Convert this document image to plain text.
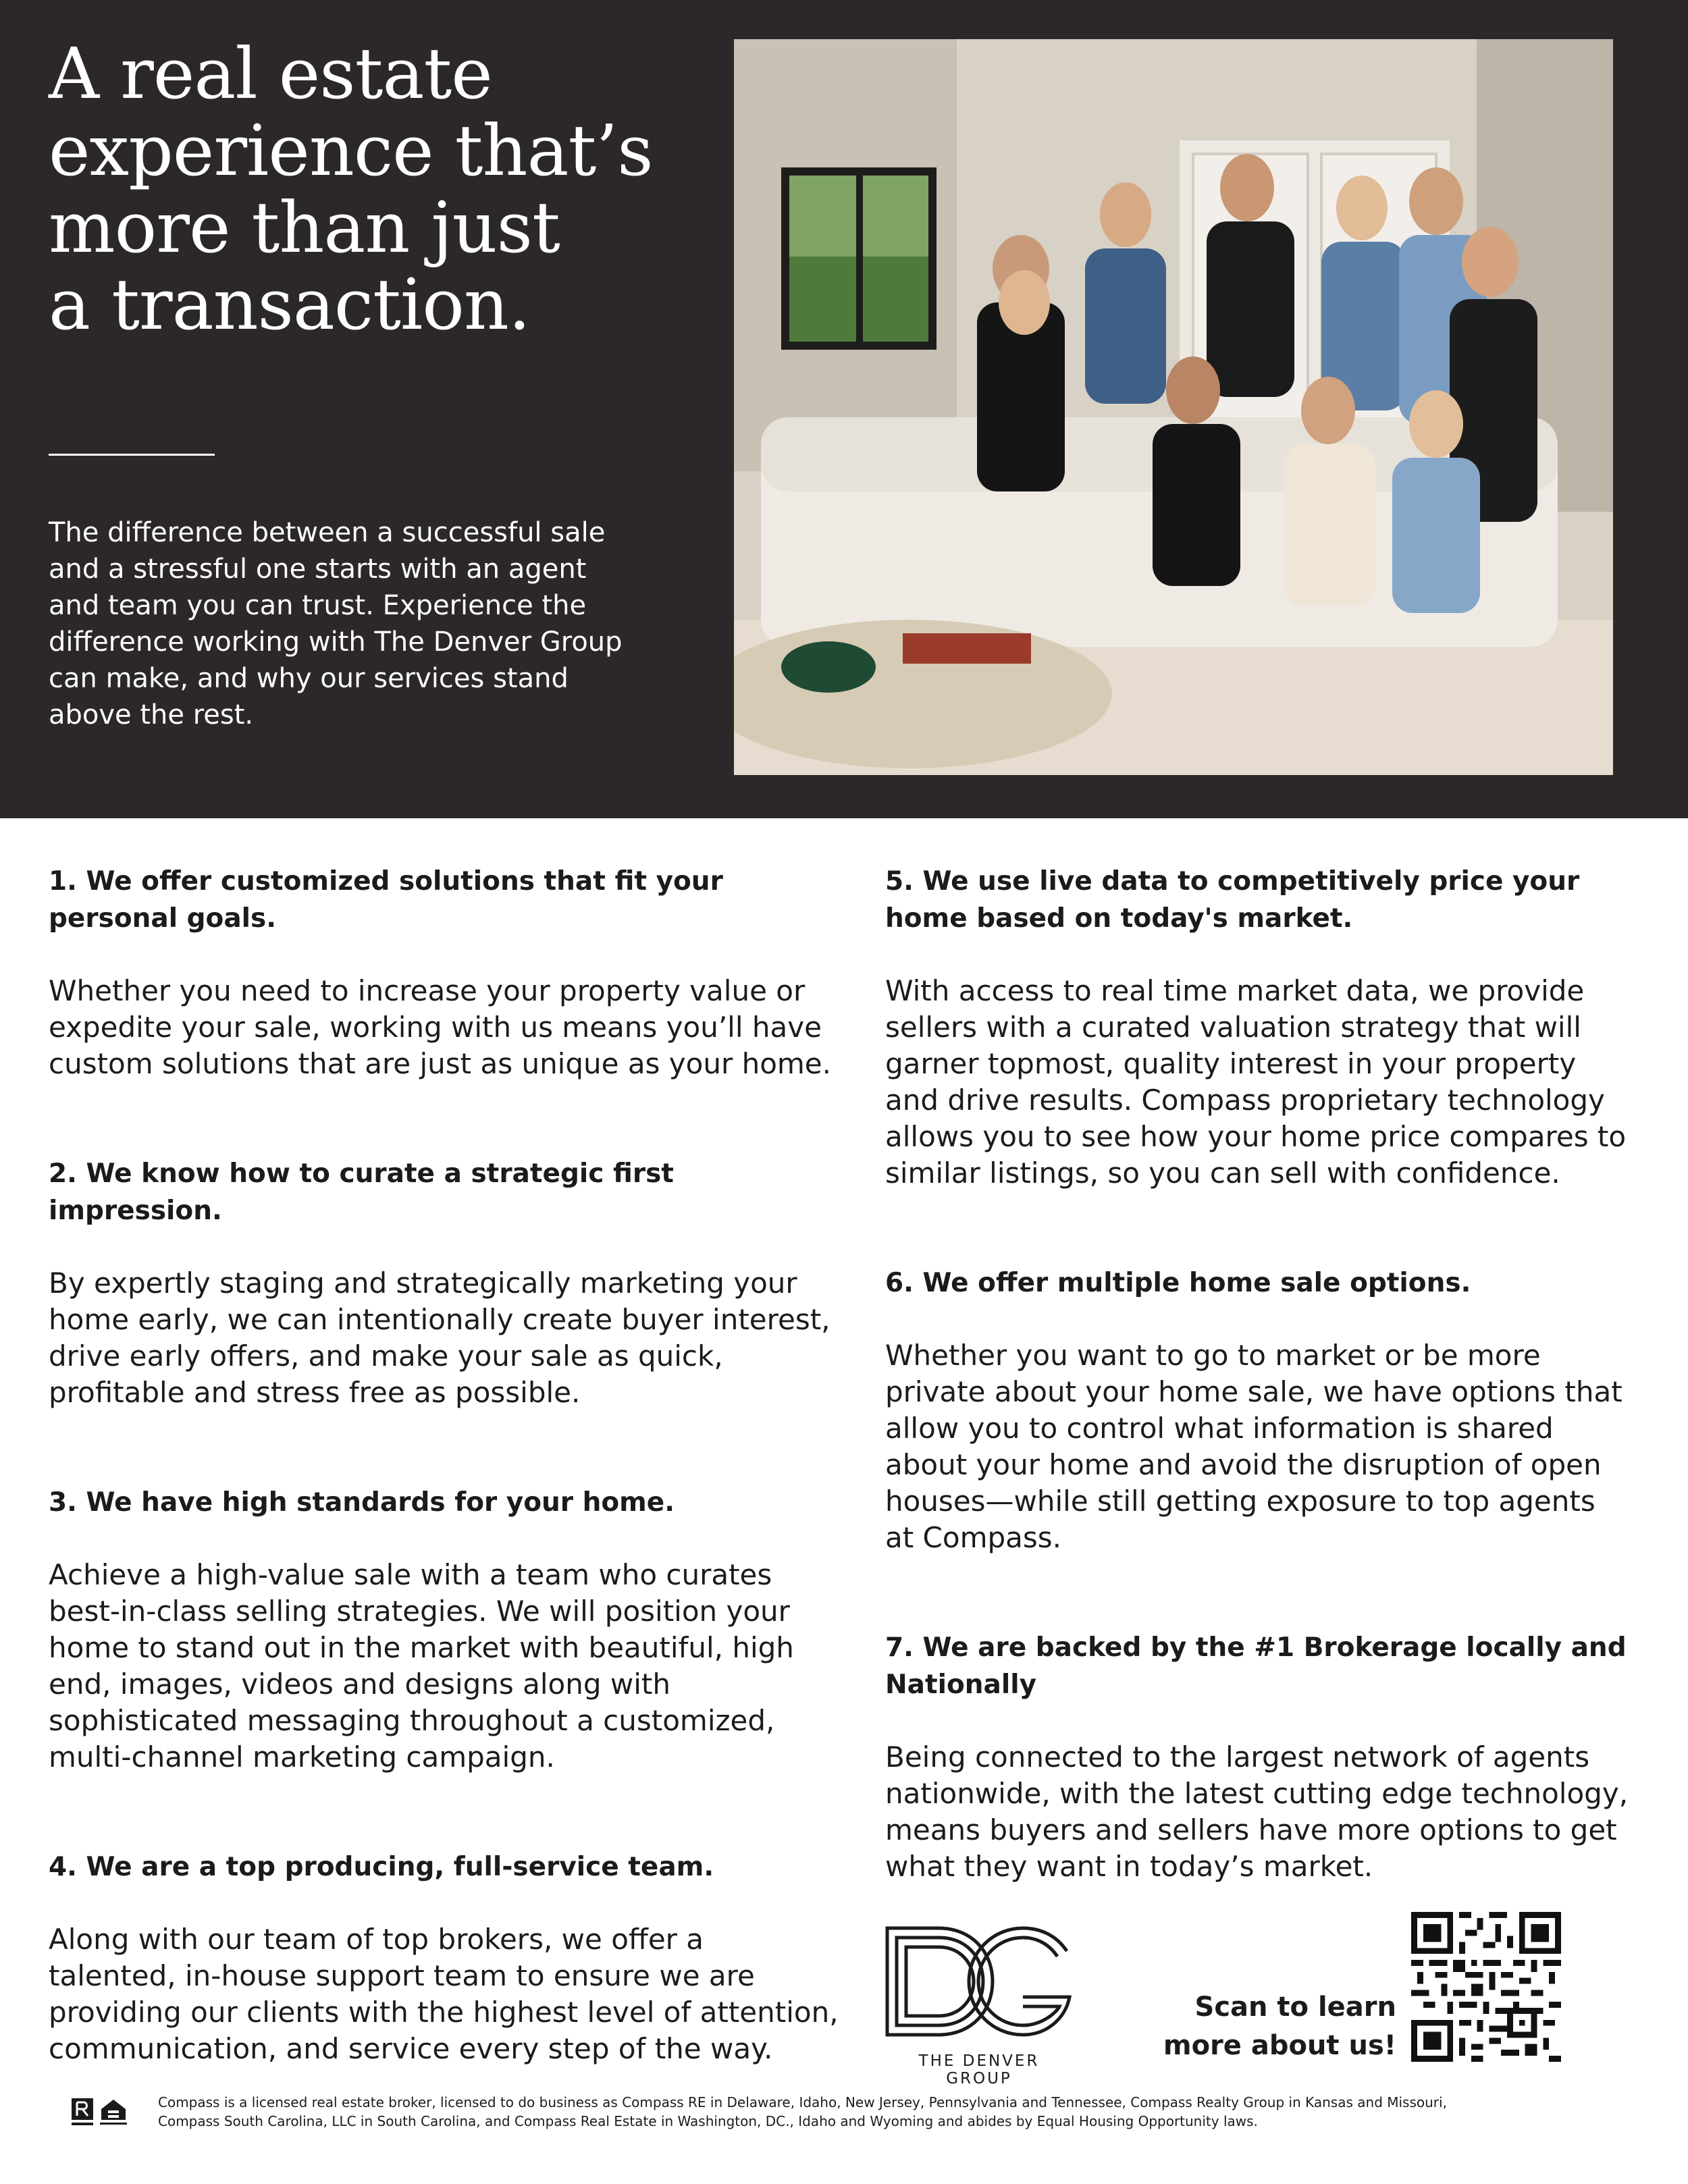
A real estate
experience that’s
more than just
a transaction.

The difference between a successful sale
and a stressful one starts with an agent
and team you can trust. Experience the
difference working with The Denver Group
can make, and why our services stand
above the rest.

1. We offer customized solutions that fit your
personal goals.

Whether you need to increase your property value or
expedite your sale, working with us means you’ll have
custom solutions that are just as unique as your home.

2. We know how to curate a strategic first impression.

By expertly staging and strategically marketing your
home early, we can intentionally create buyer interest,
drive early offers, and make your sale as quick,
profitable and stress free as possible.

3. We have high standards for your home.

Achieve a high-value sale with a team who curates
best-in-class selling strategies. We will position your
home to stand out in the market with beautiful, high
end, images, videos and designs along with
sophisticated messaging throughout a customized,
multi-channel marketing campaign.

4. We are a top producing, full-service team.

Along with our team of top brokers, we offer a
talented, in-house support team to ensure we are
providing our clients with the highest level of attention,
communication, and service every step of the way.

5. We use live data to competitively price your
home based on today's market.

With access to real time market data, we provide
sellers with a curated valuation strategy that will
garner topmost, quality interest in your property
and drive results. Compass proprietary technology
allows you to see how your home price compares to
similar listings, so you can sell with confidence.

6. We offer multiple home sale options.

Whether you want to go to market or be more
private about your home sale, we have options that
allow you to control what information is shared
about your home and avoid the disruption of open
houses—while still getting exposure to top agents
at Compass.

7. We are backed by the #1 Brokerage locally and
Nationally

Being connected to the largest network of agents
nationwide, with the latest cutting edge technology,
means buyers and sellers have more options to get
what they want in today’s market.

THE DENVER GROUP
Scan to learn
more about us!
Compass is a licensed real estate broker, licensed to do business as Compass RE in Delaware, Idaho, New Jersey, Pennsylvania and Tennessee, Compass Realty Group in Kansas and Missouri,
Compass South Carolina, LLC in South Carolina, and Compass Real Estate in Washington, DC., Idaho and Wyoming and abides by Equal Housing Opportunity laws.
